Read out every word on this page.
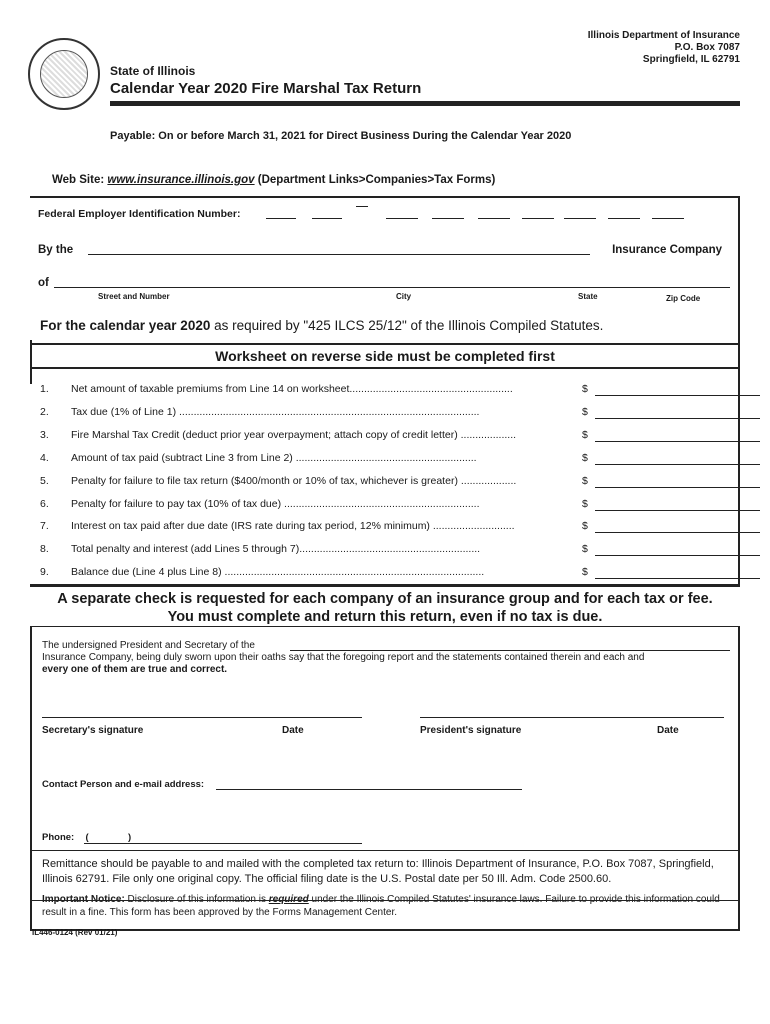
Illinois Department of Insurance
P.O. Box 7087
Springfield, IL 62791
State of Illinois
Calendar Year 2020 Fire Marshal Tax Return
Payable: On or before March 31, 2021 for Direct Business During the Calendar Year 2020
Web Site: www.insurance.illinois.gov (Department Links>Companies>Tax Forms)
Federal Employer Identification Number:
By the	Insurance Company
of
Street and Number	City	State	Zip Code
For the calendar year 2020 as required by "425 ILCS 25/12" of the Illinois Compiled Statutes.
Worksheet on reverse side must be completed first
1. Net amount of taxable premiums from Line 14 on worksheet........................................................	$
2. Tax due (1% of Line 1) .......................................................................................................	$
3. Fire Marshal Tax Credit (deduct prior year overpayment; attach copy of credit letter) ...................	$
4. Amount of tax paid (subtract Line 3 from Line 2) ..............................................................	$
5. Penalty for failure to file tax return ($400/month or 10% of tax, whichever is greater) ...................	$
6. Penalty for failure to pay tax (10% of tax due) ...................................................................	$
7. Interest on tax paid after due date (IRS rate during tax period, 12% minimum) ............................	$
8. Total penalty and interest (add Lines 5 through 7)..............................................................	$
9. Balance due (Line 4 plus Line 8) .........................................................................................	$
A separate check is requested for each company of an insurance group and for each tax or fee.
You must complete and return this return, even if no tax is due.
The undersigned President and Secretary of the
Insurance Company, being duly sworn upon their oaths say that the foregoing report and the statements contained therein and each and
every one of them are true and correct.
Secretary's signature	Date	President's signature	Date
Contact Person and e-mail address:
Phone: (	)
Remittance should be payable to and mailed with the completed tax return to: Illinois Department of Insurance, P.O. Box 7087, Springfield, Illinois 62791. File only one original copy. The official filing date is the U.S. Postal date per 50 Ill. Adm. Code 2500.60.
result in a fine. This form has been approved by the Forms Management Center.
IL446-0124 (Rev 01/21)
